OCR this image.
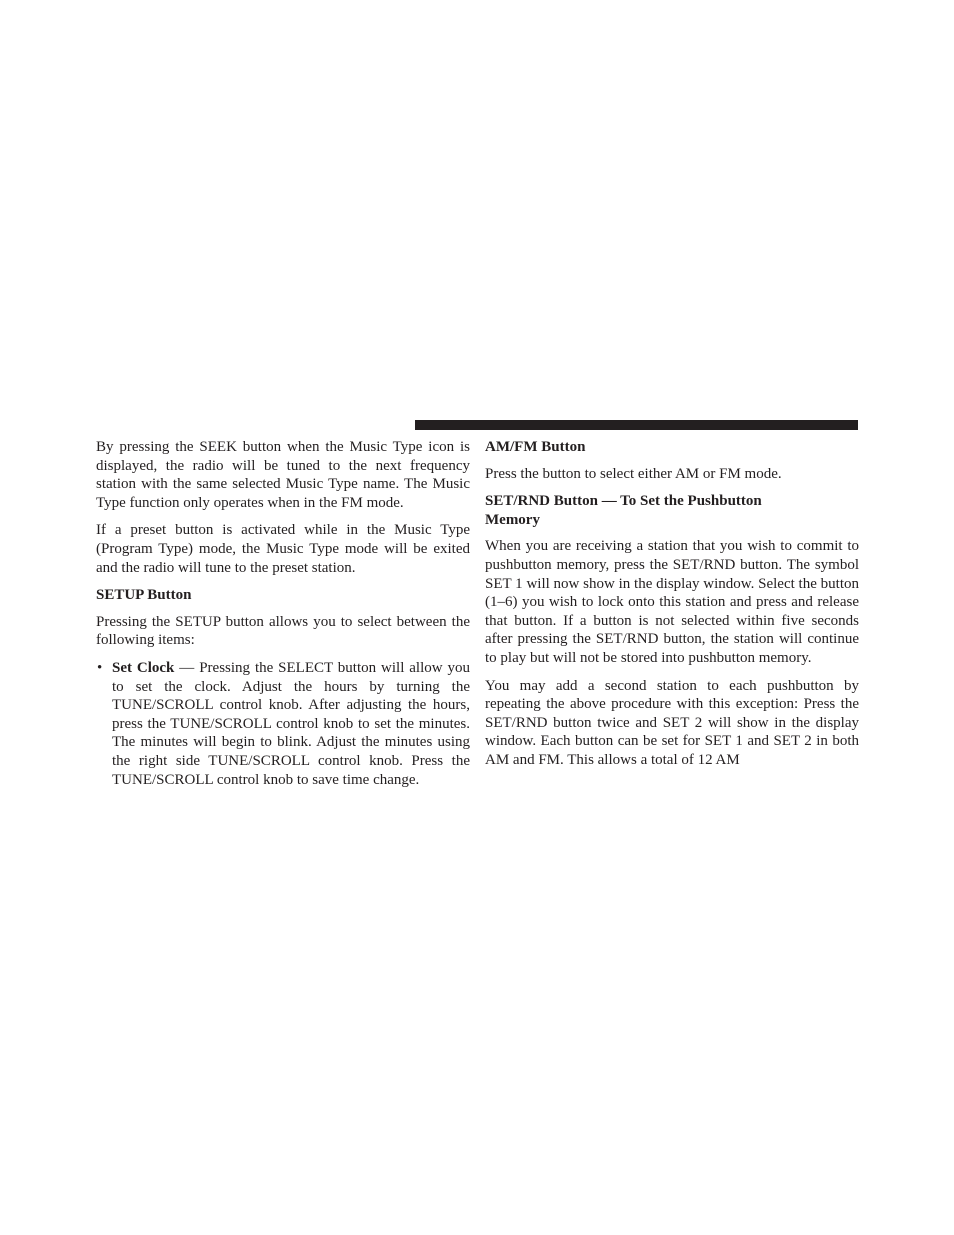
By pressing the SEEK button when the Music Type icon is displayed, the radio will be tuned to the next frequency station with the same selected Music Type name. The Music Type function only operates when in the FM mode.

If a preset button is activated while in the Music Type (Program Type) mode, the Music Type mode will be exited and the radio will tune to the preset station.

SETUP Button

Pressing the SETUP button allows you to select between the following items:

• Set Clock — Pressing the SELECT button will allow you to set the clock. Adjust the hours by turning the TUNE/SCROLL control knob. After adjusting the hours, press the TUNE/SCROLL control knob to set the minutes. The minutes will begin to blink. Adjust the minutes using the right side TUNE/SCROLL control knob. Press the TUNE/SCROLL control knob to save time change.
AM/FM Button

Press the button to select either AM or FM mode.

SET/RND Button — To Set the Pushbutton Memory

When you are receiving a station that you wish to commit to pushbutton memory, press the SET/RND button. The symbol SET 1 will now show in the display window. Select the button (1–6) you wish to lock onto this station and press and release that button. If a button is not selected within five seconds after pressing the SET/RND button, the station will continue to play but will not be stored into pushbutton memory.

You may add a second station to each pushbutton by repeating the above procedure with this exception: Press the SET/RND button twice and SET 2 will show in the display window. Each button can be set for SET 1 and SET 2 in both AM and FM. This allows a total of 12 AM
